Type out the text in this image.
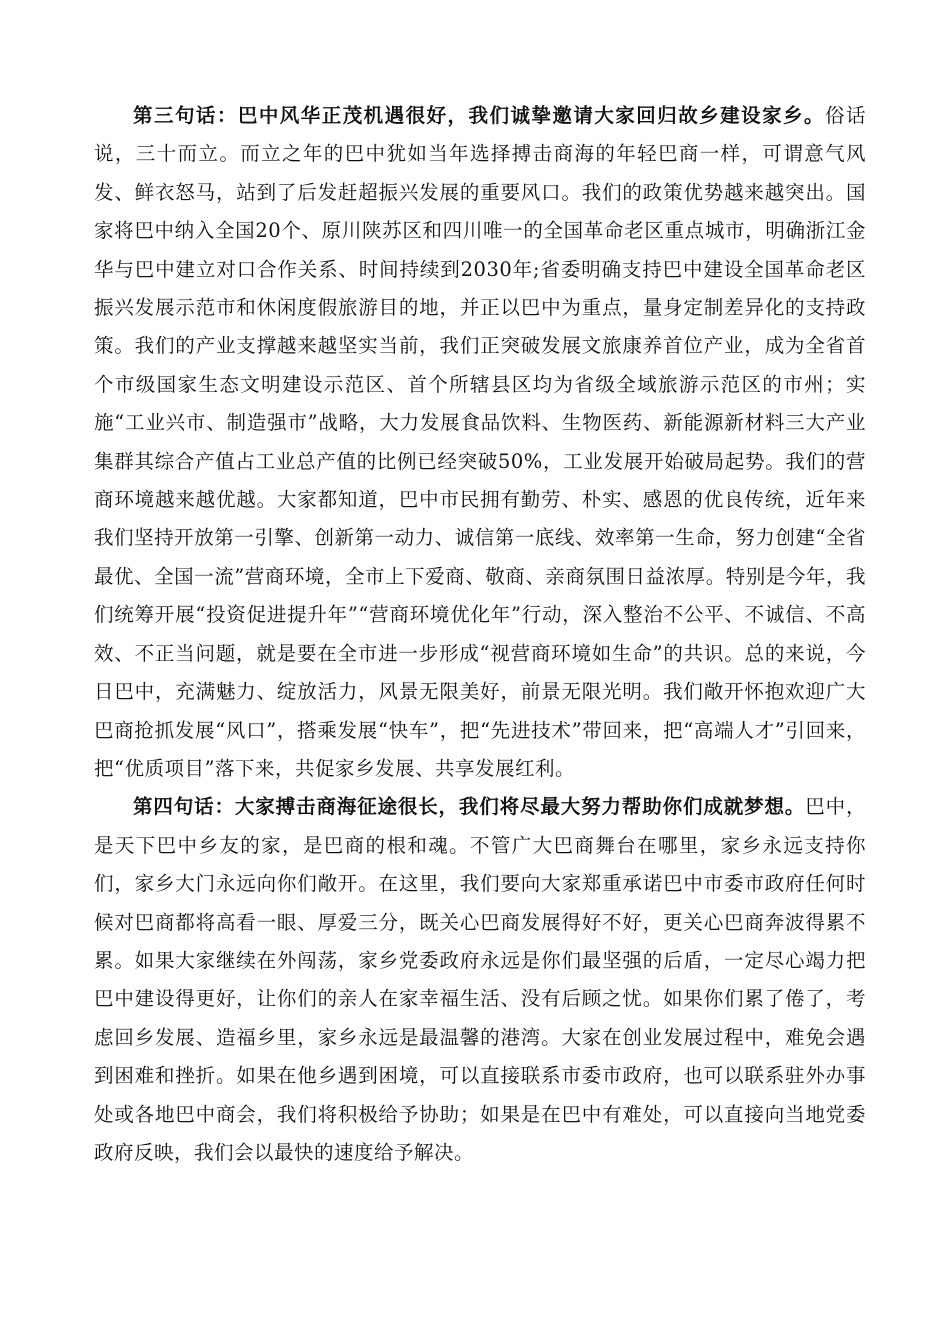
第三句话：巴中风华正茂机遇很好，我们诚挚邀请大家回归故乡建设家乡。俗话说，三十而立。而立之年的巴中犹如当年选择搏击商海的年轻巴商一样，可谓意气风发、鲜衣怒马，站到了后发赶超振兴发展的重要风口。我们的政策优势越来越突出。国家将巴中纳入全国20个、原川陕苏区和四川唯一的全国革命老区重点城市，明确浙江金华与巴中建立对口合作关系、时间持续到2030年;省委明确支持巴中建设全国革命老区振兴发展示范市和休闲度假旅游目的地，并正以巴中为重点，量身定制差异化的支持政策。我们的产业支撑越来越坚实当前，我们正突破发展文旅康养首位产业，成为全省首个市级国家生态文明建设示范区、首个所辖县区均为省级全域旅游示范区的市州；实施“工业兴市、制造强市”战略，大力发展食品饮料、生物医药、新能源新材料三大产业集群其综合产值占工业总产值的比例已经突破50%，工业发展开始破局起势。我们的营商环境越来越优越。大家都知道，巴中市民拥有勤劳、朴实、感恩的优良传统，近年来我们坚持开放第一引擎、创新第一动力、诚信第一底线、效率第一生命，努力创建“全省最优、全国一流”营商环境，全市上下爱商、敬商、亲商氛围日益浓厚。特别是今年，我们统筹开展“投资促进提升年”“营商环境优化年”行动，深入整治不公平、不诚信、不高效、不正当问题，就是要在全市进一步形成“视营商环境如生命”的共识。总的来说，今日巴中，充满魅力、绽放活力，风景无限美好，前景无限光明。我们敞开怀抱欢迎广大巴商抢抓发展“风口”，搭乘发展“快车”，把“先进技术”带回来，把“高端人才”引回来，把“优质项目”落下来，共促家乡发展、共享发展红利。

第四句话：大家搏击商海征途很长，我们将尽最大努力帮助你们成就梦想。巴中，是天下巴中乡友的家，是巴商的根和魂。不管广大巴商舞台在哪里，家乡永远支持你们，家乡大门永远向你们敞开。在这里，我们要向大家郑重承诺巴中市委市政府任何时候对巴商都将高看一眼、厚爱三分，既关心巴商发展得好不好，更关心巴商奔波得累不累。如果大家继续在外闯荡，家乡党委政府永远是你们最坚强的后盾，一定尽心竭力把巴中建设得更好，让你们的亲人在家幸福生活、没有后顾之忧。如果你们累了倦了，考虑回乡发展、造福乡里，家乡永远是最温馨的港湾。大家在创业发展过程中，难免会遇到困难和挫折。如果在他乡遇到困境，可以直接联系市委市政府，也可以联系驻外办事处或各地巴中商会，我们将积极给予协助；如果是在巴中有难处，可以直接向当地党委政府反映，我们会以最快的速度给予解决。
